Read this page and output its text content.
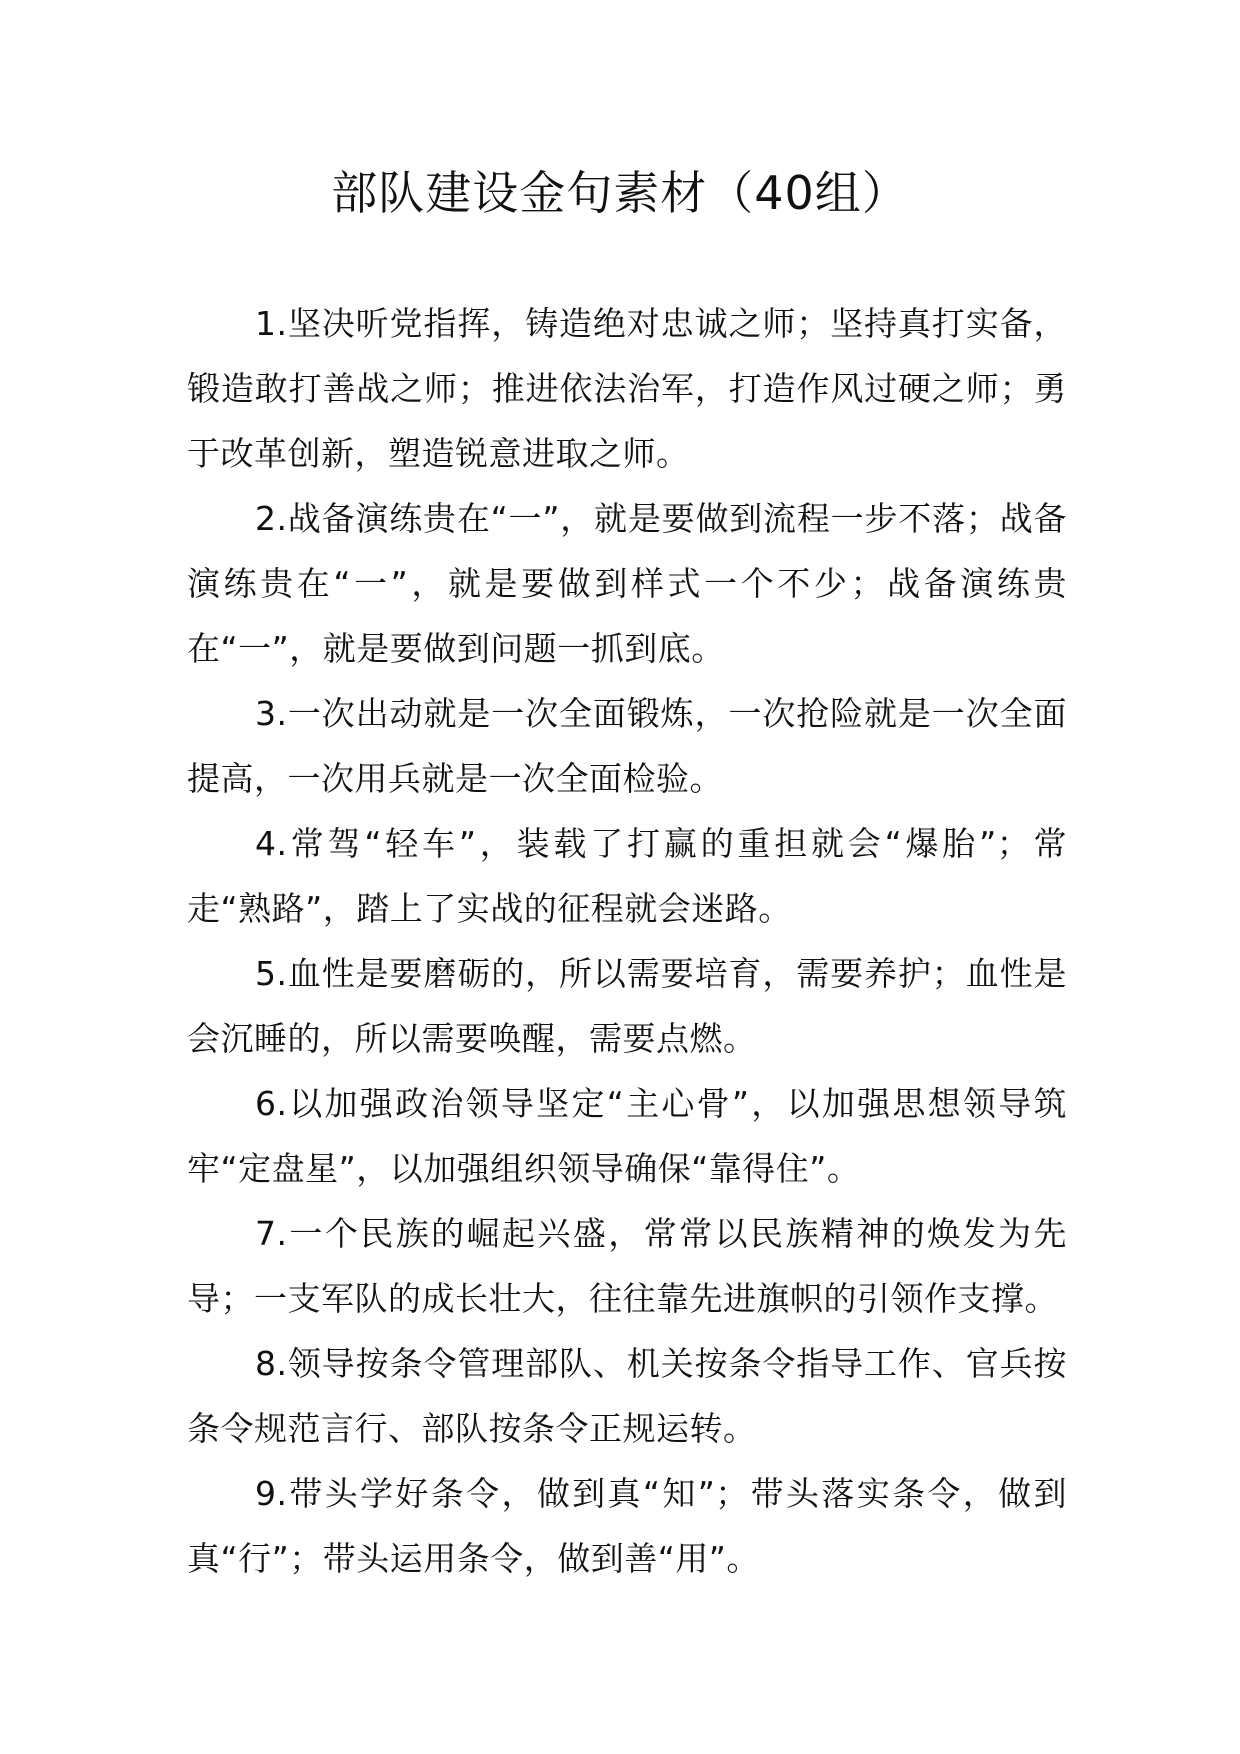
部队建设金句素材（40组）

1.坚决听党指挥，铸造绝对忠诚之师；坚持真打实备，锻造敢打善战之师；推进依法治军，打造作风过硬之师；勇于改革创新，塑造锐意进取之师。

2.战备演练贵在“一”，就是要做到流程一步不落；战备演练贵在“一”，就是要做到样式一个不少；战备演练贵在“一”，就是要做到问题一抓到底。

3.一次出动就是一次全面锻炼，一次抢险就是一次全面提高，一次用兵就是一次全面检验。

4.常驾“轻车”，装载了打赢的重担就会“爆胎”；常走“熟路”，踏上了实战的征程就会迷路。

5.血性是要磨砺的，所以需要培育，需要养护；血性是会沉睡的，所以需要唤醒，需要点燃。

6.以加强政治领导坚定“主心骨”，以加强思想领导筑牢“定盘星”，以加强组织领导确保“靠得住”。

7.一个民族的崛起兴盛，常常以民族精神的焕发为先导；一支军队的成长壮大，往往靠先进旗帜的引领作支撑。

8.领导按条令管理部队、机关按条令指导工作、官兵按条令规范言行、部队按条令正规运转。

9.带头学好条令，做到真“知”；带头落实条令，做到真“行”；带头运用条令，做到善“用”。
